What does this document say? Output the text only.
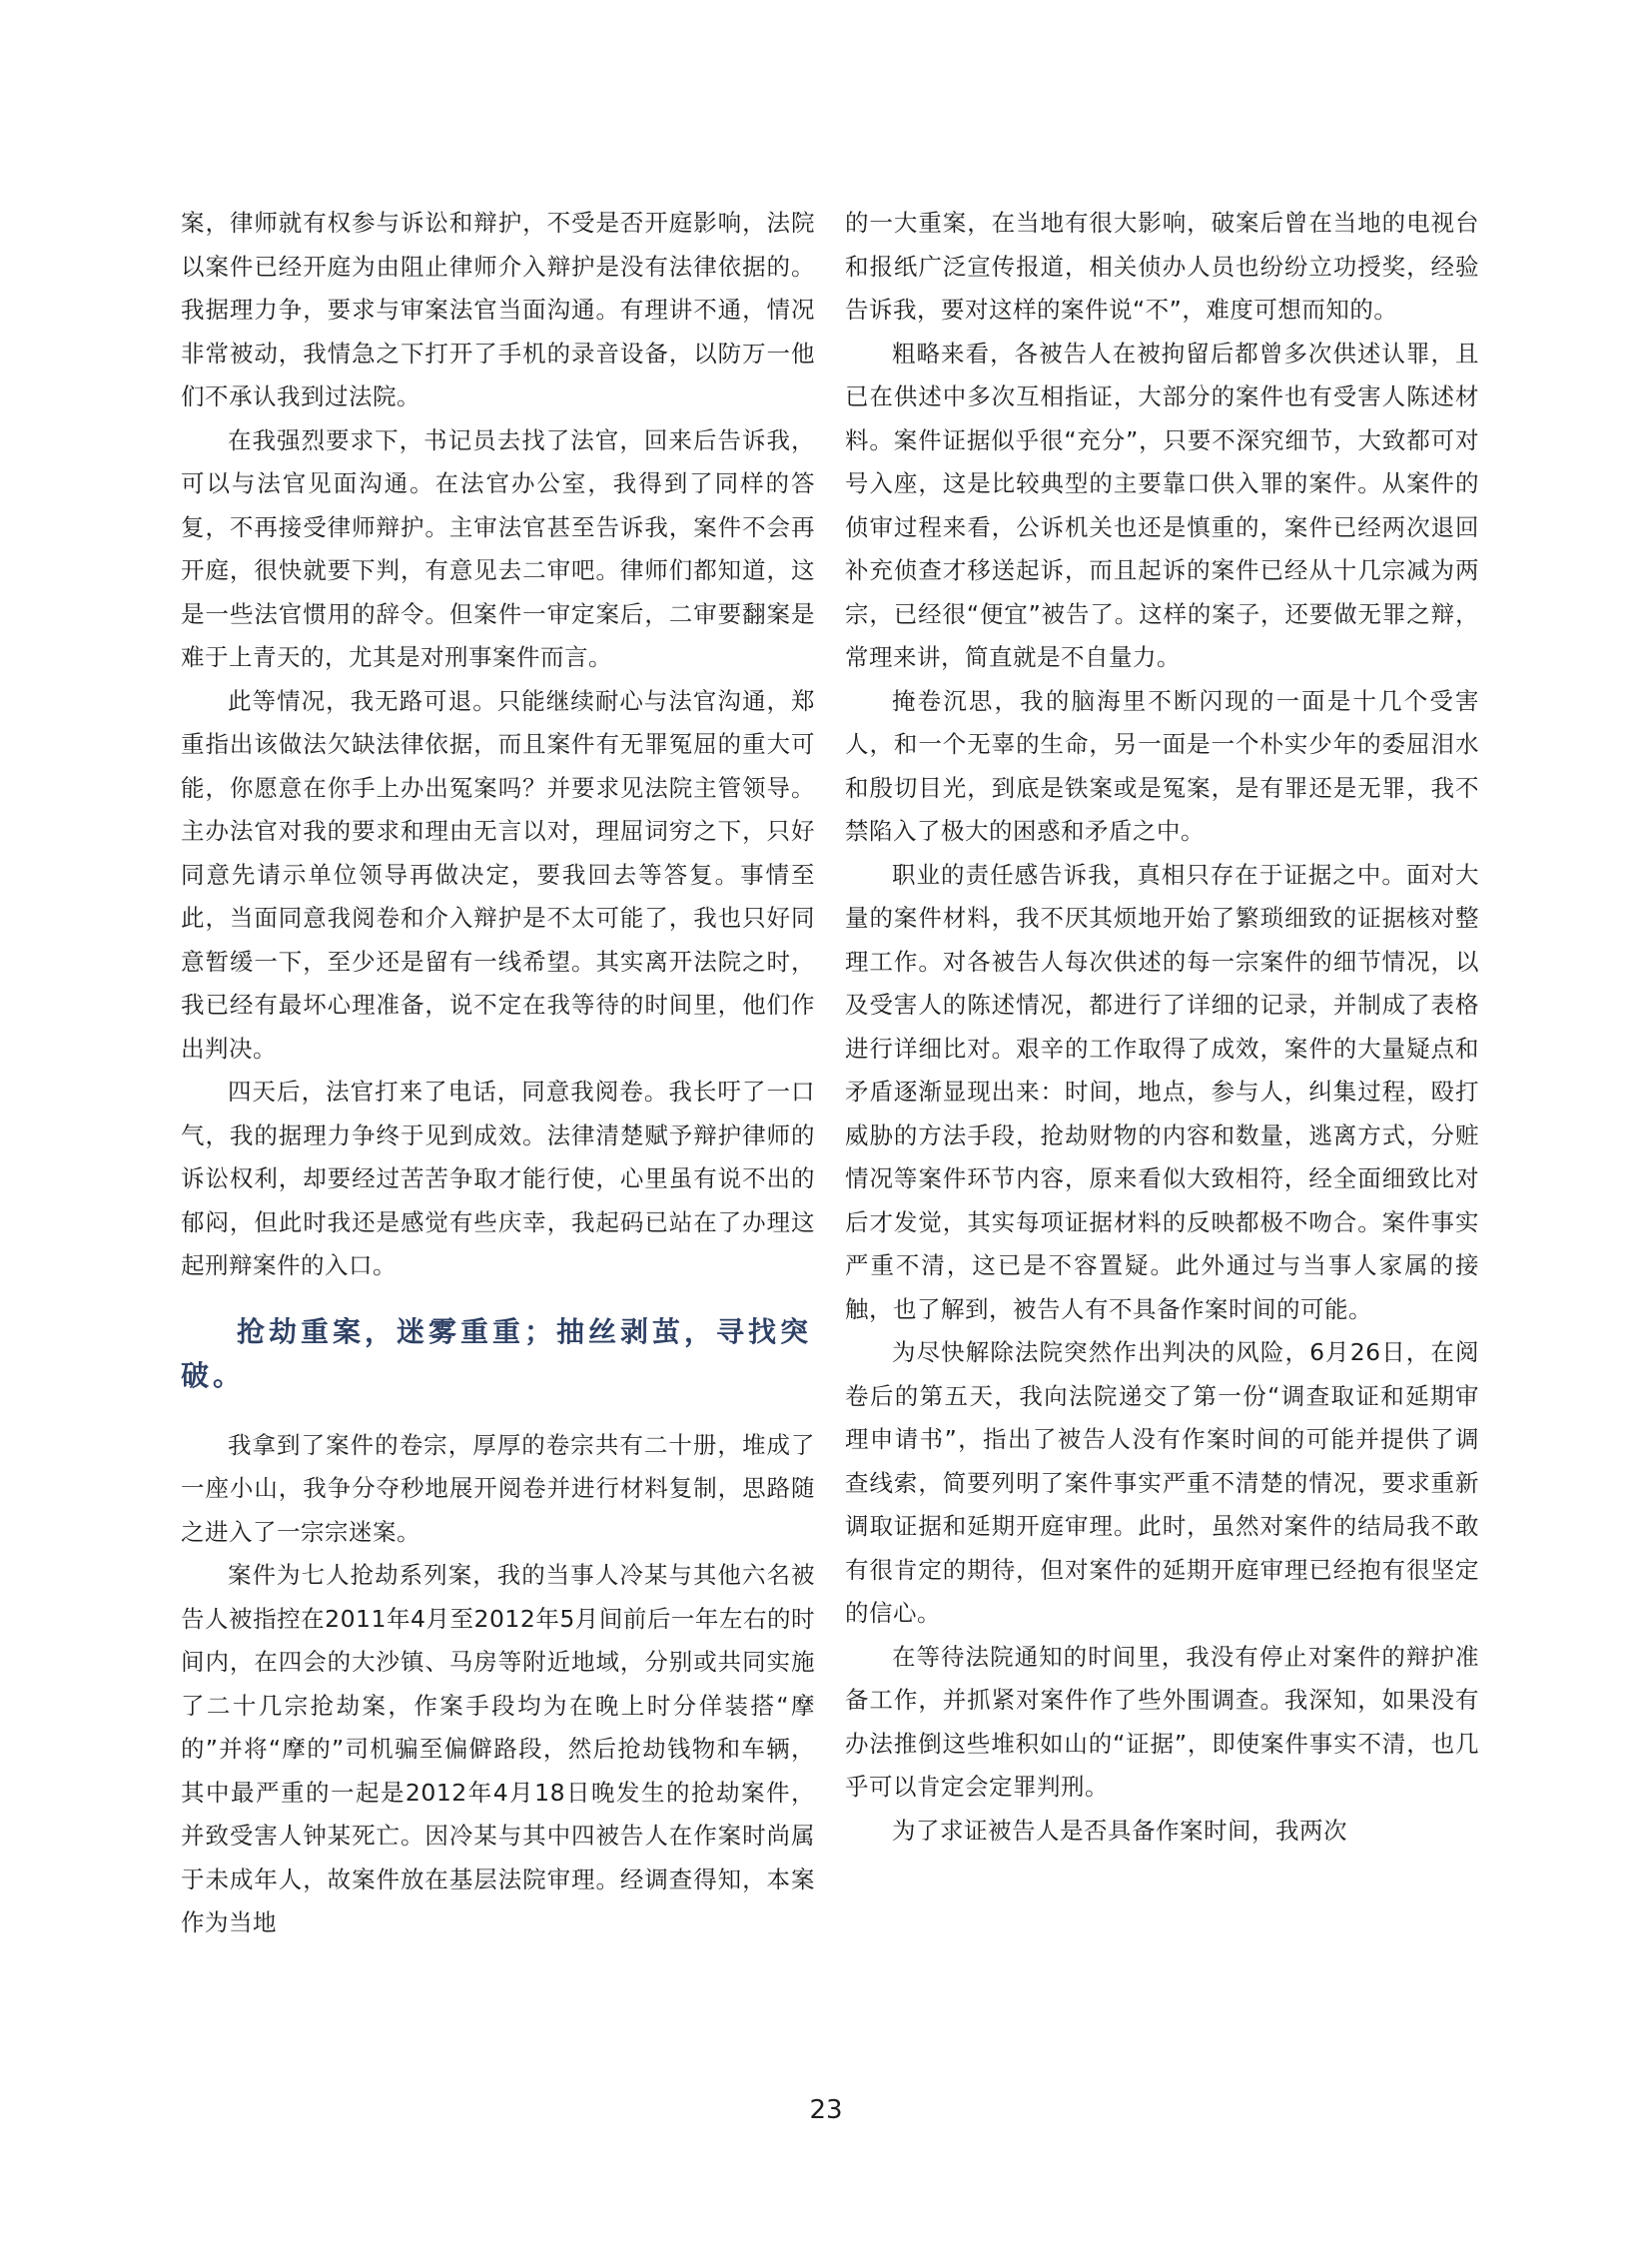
案，律师就有权参与诉讼和辩护，不受是否开庭影响，法院以案件已经开庭为由阻止律师介入辩护是没有法律依据的。我据理力争，要求与审案法官当面沟通。有理讲不通，情况非常被动，我情急之下打开了手机的录音设备，以防万一他们不承认我到过法院。

在我强烈要求下，书记员去找了法官，回来后告诉我，可以与法官见面沟通。在法官办公室，我得到了同样的答复，不再接受律师辩护。主审法官甚至告诉我，案件不会再开庭，很快就要下判，有意见去二审吧。律师们都知道，这是一些法官惯用的辞令。但案件一审定案后，二审要翻案是难于上青天的，尤其是对刑事案件而言。

此等情况，我无路可退。只能继续耐心与法官沟通，郑重指出该做法欠缺法律依据，而且案件有无罪冤屈的重大可能，你愿意在你手上办出冤案吗？并要求见法院主管领导。主办法官对我的要求和理由无言以对，理屈词穷之下，只好同意先请示单位领导再做决定，要我回去等答复。事情至此，当面同意我阅卷和介入辩护是不太可能了，我也只好同意暂缓一下，至少还是留有一线希望。其实离开法院之时，我已经有最坏心理准备，说不定在我等待的时间里，他们作出判决。

四天后，法官打来了电话，同意我阅卷。我长吁了一口气，我的据理力争终于见到成效。法律清楚赋予辩护律师的诉讼权利，却要经过苦苦争取才能行使，心里虽有说不出的郁闷，但此时我还是感觉有些庆幸，我起码已站在了办理这起刑辩案件的入口。

抢劫重案，迷雾重重；抽丝剥茧，寻找突破。

我拿到了案件的卷宗，厚厚的卷宗共有二十册，堆成了一座小山，我争分夺秒地展开阅卷并进行材料复制，思路随之进入了一宗宗迷案。

案件为七人抢劫系列案，我的当事人冷某与其他六名被告人被指控在2011年4月至2012年5月间前后一年左右的时间内，在四会的大沙镇、马房等附近地域，分别或共同实施了二十几宗抢劫案，作案手段均为在晚上时分佯装搭“摩的”并将“摩的”司机骗至偏僻路段，然后抢劫钱物和车辆，其中最严重的一起是2012年4月18日晚发生的抢劫案件，并致受害人钟某死亡。因冷某与其中四被告人在作案时尚属于未成年人，故案件放在基层法院审理。经调查得知，本案作为当地

的一大重案，在当地有很大影响，破案后曾在当地的电视台和报纸广泛宣传报道，相关侦办人员也纷纷立功授奖，经验告诉我，要对这样的案件说“不”，难度可想而知的。

粗略来看，各被告人在被拘留后都曾多次供述认罪，且已在供述中多次互相指证，大部分的案件也有受害人陈述材料。案件证据似乎很“充分”，只要不深究细节，大致都可对号入座，这是比较典型的主要靠口供入罪的案件。从案件的侦审过程来看，公诉机关也还是慎重的，案件已经两次退回补充侦查才移送起诉，而且起诉的案件已经从十几宗减为两宗，已经很“便宜”被告了。这样的案子，还要做无罪之辩，常理来讲，简直就是不自量力。

掩卷沉思，我的脑海里不断闪现的一面是十几个受害人，和一个无辜的生命，另一面是一个朴实少年的委屈泪水和殷切目光，到底是铁案或是冤案，是有罪还是无罪，我不禁陷入了极大的困惑和矛盾之中。

职业的责任感告诉我，真相只存在于证据之中。面对大量的案件材料，我不厌其烦地开始了繁琐细致的证据核对整理工作。对各被告人每次供述的每一宗案件的细节情况，以及受害人的陈述情况，都进行了详细的记录，并制成了表格进行详细比对。艰辛的工作取得了成效，案件的大量疑点和矛盾逐渐显现出来：时间，地点，参与人，纠集过程，殴打威胁的方法手段，抢劫财物的内容和数量，逃离方式，分赃情况等案件环节内容，原来看似大致相符，经全面细致比对后才发觉，其实每项证据材料的反映都极不吻合。案件事实严重不清，这已是不容置疑。此外通过与当事人家属的接触，也了解到，被告人有不具备作案时间的可能。

为尽快解除法院突然作出判决的风险，6月26日，在阅卷后的第五天，我向法院递交了第一份“调查取证和延期审理申请书”，指出了被告人没有作案时间的可能并提供了调查线索，简要列明了案件事实严重不清楚的情况，要求重新调取证据和延期开庭审理。此时，虽然对案件的结局我不敢有很肯定的期待，但对案件的延期开庭审理已经抱有很坚定的信心。

在等待法院通知的时间里，我没有停止对案件的辩护准备工作，并抓紧对案件作了些外围调查。我深知，如果没有办法推倒这些堆积如山的“证据”，即使案件事实不清，也几乎可以肯定会定罪判刑。

为了求证被告人是否具备作案时间，我两次

23
